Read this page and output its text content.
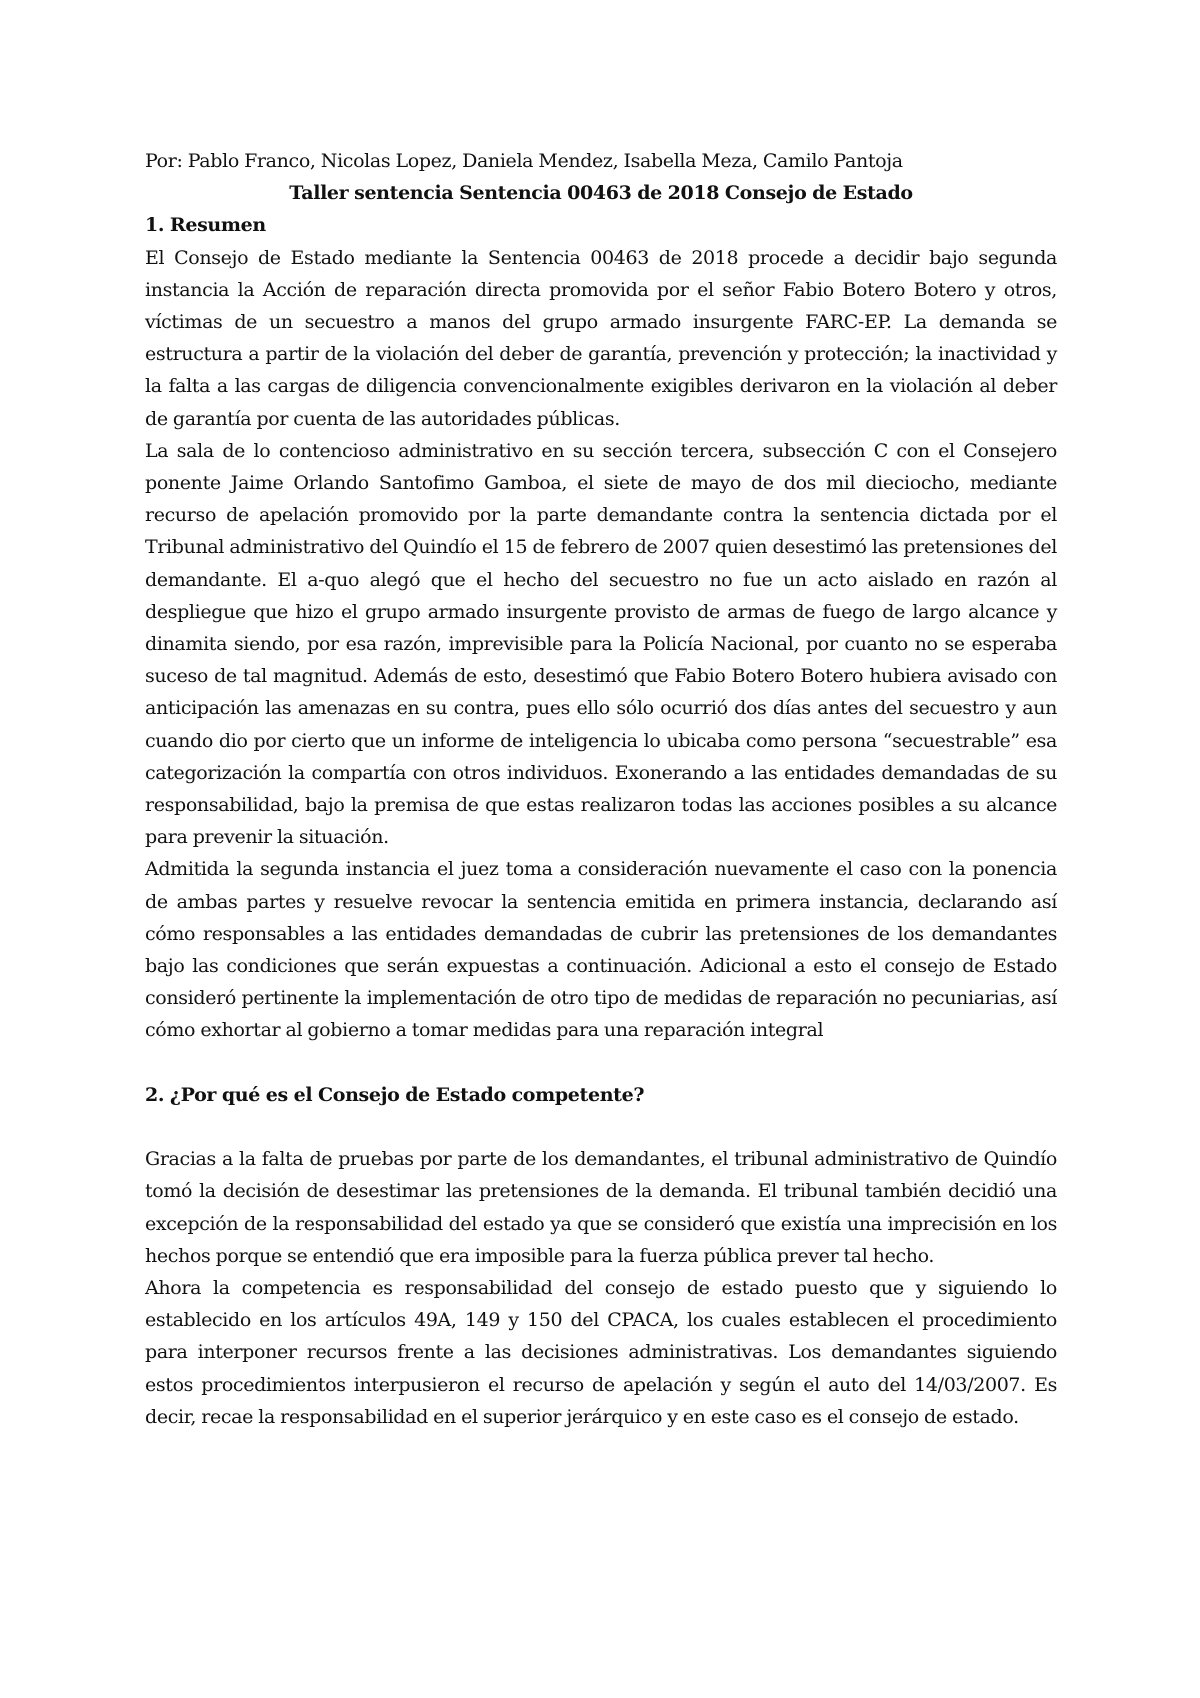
Por: Pablo Franco, Nicolas Lopez, Daniela Mendez, Isabella Meza, Camilo Pantoja

Taller sentencia Sentencia 00463 de 2018 Consejo de Estado

1. Resumen

El Consejo de Estado mediante la Sentencia 00463 de 2018 procede a decidir bajo segunda instancia la Acción de reparación directa promovida por el señor Fabio Botero Botero y otros, víctimas de un secuestro a manos del grupo armado insurgente FARC-EP. La demanda se estructura a partir de la violación del deber de garantía, prevención y protección; la inactividad y la falta a las cargas de diligencia convencionalmente exigibles derivaron en la violación al deber de garantía por cuenta de las autoridades públicas.

La sala de lo contencioso administrativo en su sección tercera, subsección C con el Consejero ponente Jaime Orlando Santofimo Gamboa, el siete de mayo de dos mil dieciocho, mediante recurso de apelación promovido por la parte demandante contra la sentencia dictada por el Tribunal administrativo del Quindío el 15 de febrero de 2007 quien desestimó las pretensiones del demandante. El a-quo alegó que el hecho del secuestro no fue un acto aislado en razón al despliegue que hizo el grupo armado insurgente provisto de armas de fuego de largo alcance y dinamita siendo, por esa razón, imprevisible para la Policía Nacional, por cuanto no se esperaba suceso de tal magnitud. Además de esto, desestimó que Fabio Botero Botero hubiera avisado con anticipación las amenazas en su contra, pues ello sólo ocurrió dos días antes del secuestro y aun cuando dio por cierto que un informe de inteligencia lo ubicaba como persona “secuestrable” esa categorización la compartía con otros individuos. Exonerando a las entidades demandadas de su responsabilidad, bajo la premisa de que estas realizaron todas las acciones posibles a su alcance para prevenir la situación.

Admitida la segunda instancia el juez toma a consideración nuevamente el caso con la ponencia de ambas partes y resuelve revocar la sentencia emitida en primera instancia, declarando así cómo responsables a las entidades demandadas de cubrir las pretensiones de los demandantes bajo las condiciones que serán expuestas a continuación. Adicional a esto el consejo de Estado consideró pertinente la implementación de otro tipo de medidas de reparación no pecuniarias, así cómo exhortar al gobierno a tomar medidas para una reparación integral

2. ¿Por qué es el Consejo de Estado competente?

Gracias a la falta de pruebas por parte de los demandantes, el tribunal administrativo de Quindío tomó la decisión de desestimar las pretensiones de la demanda. El tribunal también decidió una excepción de la responsabilidad del estado ya que se consideró que existía una imprecisión en los hechos porque se entendió que era imposible para la fuerza pública prever tal hecho.

Ahora la competencia es responsabilidad del consejo de estado puesto que y siguiendo lo establecido en los artículos 49A, 149 y 150 del CPACA, los cuales establecen el procedimiento para interponer recursos frente a las decisiones administrativas. Los demandantes siguiendo estos procedimientos interpusieron el recurso de apelación y según el auto del 14/03/2007. Es decir, recae la responsabilidad en el superior jerárquico y en este caso es el consejo de estado.
